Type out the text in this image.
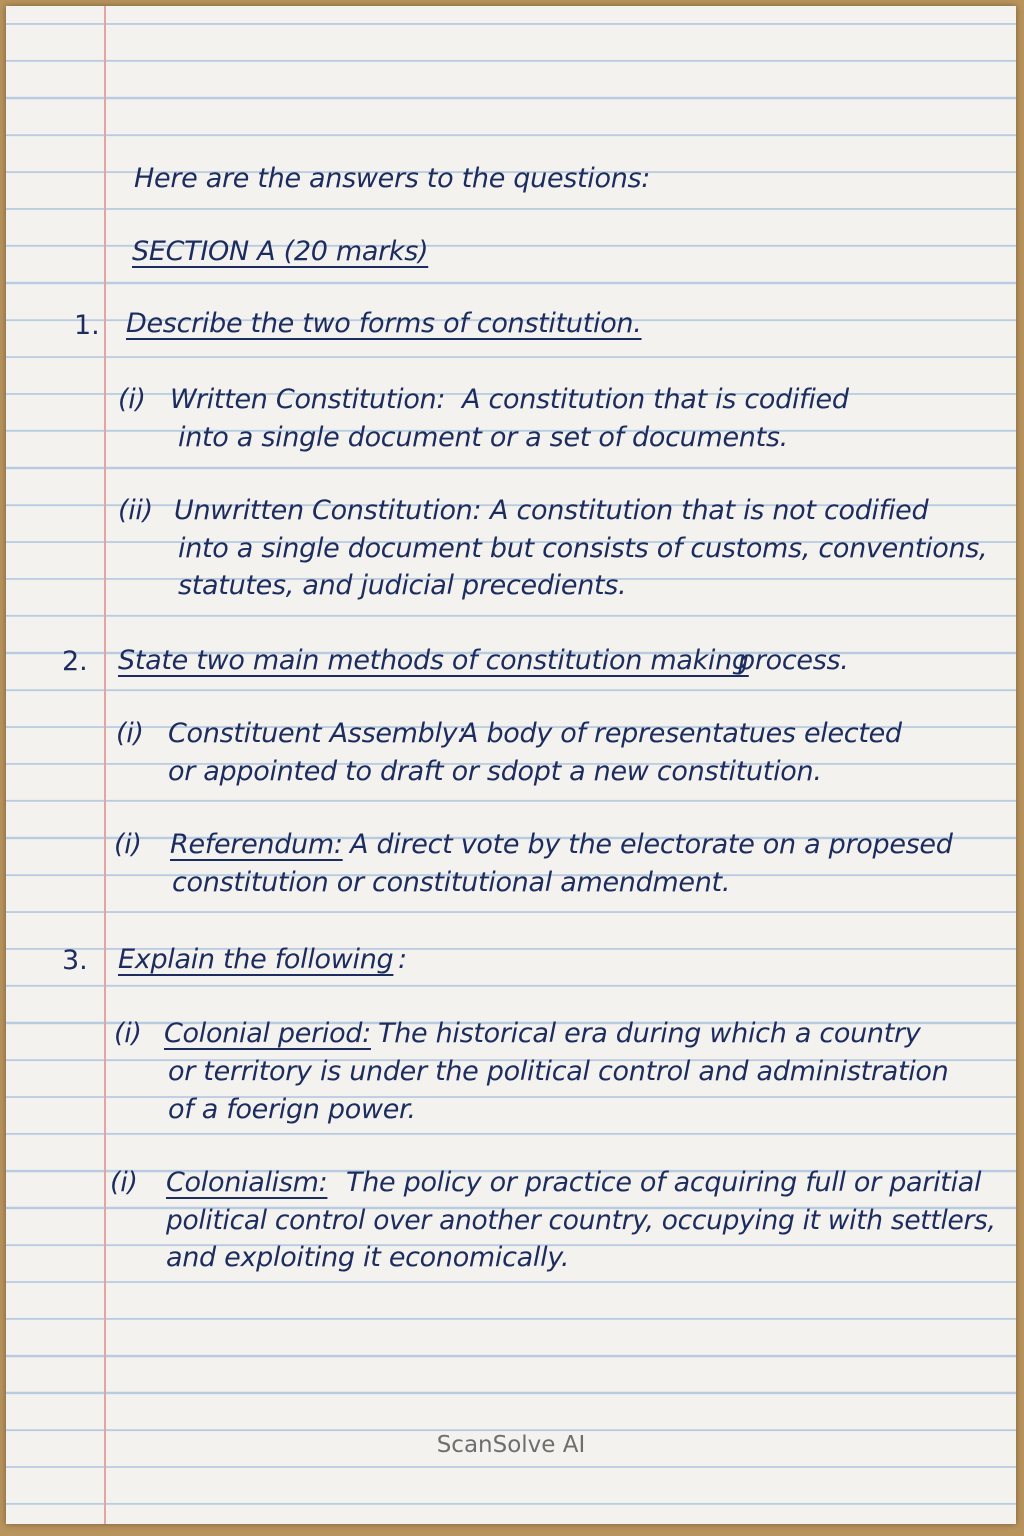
Here are the answers to the questions:
SECTION A (20 marks)
1. Describe the two forms of constitution.
(i) Written Constitution: A constitution that is codified
into a single document or a set of documents.
(ii) Unwritten Constitution: A constitution that is not codified
into a single document but consists of customs, conventions,
statutes, and judicial precedients.
2. State two main methods of constitution making
process.
(i) Constituent Assembly:
A body of representatues elected
or appointed to draft or sdopt a new constitution.
(i) Referendum: A direct vote by the electorate on a propesed
constitution or constitutional amendment.
3. Explain the following :
(i) Colonial period: The historical era during which a country
or territory is under the political control and administration
of a foerign power.
(i) Colonialism: The policy or practice of acquiring full or paritial
political control over another country, occupying it with settlers,
and exploiting it economically.
ScanSolve AI
